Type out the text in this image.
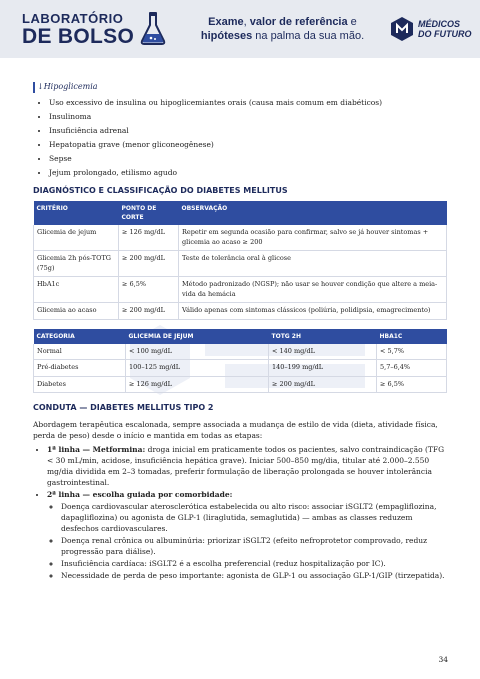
LABORATÓRIO
DE BOLSO
Exame, valor de referência e hipóteses na palma da sua mão.
MÉDICOS
DO FUTURO
↓Hipoglicemia
• Uso excessivo de insulina ou hipoglicemiantes orais (causa mais comum em diabéticos)
• Insulinoma
• Insuficiência adrenal
• Hepatopatia grave (menor gliconeogênese)
• Sepse
• Jejum prolongado, etilismo agudo
DIAGNÓSTICO E CLASSIFICAÇÃO DO DIABETES MELLITUS
CRITÉRIO	PONTO DE CORTE	OBSERVAÇÃO
Glicemia de jejum	≥ 126 mg/dL	Repetir em segunda ocasião para confirmar, salvo se já houver sintomas + glicemia ao acaso ≥ 200
Glicemia 2h pós-TOTG (75g)	≥ 200 mg/dL	Teste de tolerância oral à glicose
HbA1c	≥ 6,5%	Método padronizado (NGSP); não usar se houver condição que altere a meia-vida da hemácia
Glicemia ao acaso	≥ 200 mg/dL	Válido apenas com sintomas clássicos (poliúria, polidipsia, emagrecimento)
CATEGORIA	GLICEMIA DE JEJUM	TOTG 2H	HBA1C
Normal	< 100 mg/dL	< 140 mg/dL	< 5,7%
Pré-diabetes	100–125 mg/dL	140–199 mg/dL	5,7–6,4%
Diabetes	≥ 126 mg/dL	≥ 200 mg/dL	≥ 6,5%
CONDUTA — DIABETES MELLITUS TIPO 2
Abordagem terapêutica escalonada, sempre associada a mudança de estilo de vida (dieta, atividade física, perda de peso) desde o início e mantida em todas as etapas:
• 1ª linha — Metformina: droga inicial em praticamente todos os pacientes, salvo contraindicação (TFG < 30 mL/min, acidose, insuficiência hepática grave). Iniciar 500–850 mg/dia, titular até 2.000–2.550 mg/dia dividida em 2–3 tomadas, preferir formulação de liberação prolongada se houver intolerância gastrointestinal.
• 2ª linha — escolha guiada por comorbidade:
◦ Doença cardiovascular aterosclerótica estabelecida ou alto risco: associar iSGLT2 (empagliflozina, dapagliflozina) ou agonista de GLP-1 (liraglutida, semaglutida) — ambas as classes reduzem desfechos cardiovasculares.
◦ Doença renal crônica ou albuminúria: priorizar iSGLT2 (efeito nefroprotetor comprovado, reduz progressão para diálise).
◦ Insuficiência cardíaca: iSGLT2 é a escolha preferencial (reduz hospitalização por IC).
◦ Necessidade de perda de peso importante: agonista de GLP-1 ou associação GLP-1/GIP (tirzepatida).
34
